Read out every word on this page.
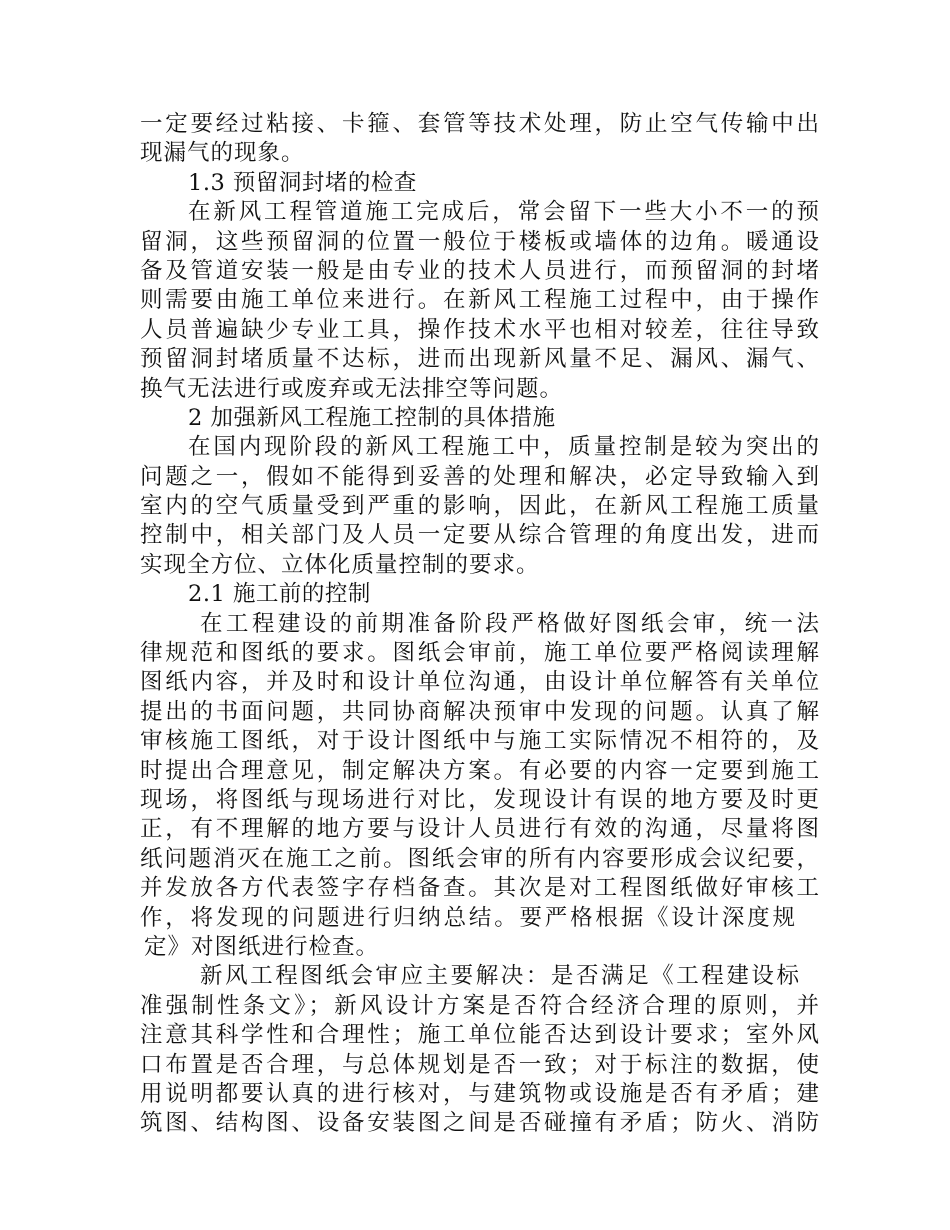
一定要经过粘接、卡箍、套管等技术处理，防止空气传输中出
现漏气的现象。
1.3 预留洞封堵的检查
在新风工程管道施工完成后，常会留下一些大小不一的预
留洞，这些预留洞的位置一般位于楼板或墙体的边角。暖通设
备及管道安装一般是由专业的技术人员进行，而预留洞的封堵
则需要由施工单位来进行。在新风工程施工过程中，由于操作
人员普遍缺少专业工具，操作技术水平也相对较差，往往导致
预留洞封堵质量不达标，进而出现新风量不足、漏风、漏气、
换气无法进行或废弃或无法排空等问题。
2 加强新风工程施工控制的具体措施
在国内现阶段的新风工程施工中，质量控制是较为突出的
问题之一，假如不能得到妥善的处理和解决，必定导致输入到
室内的空气质量受到严重的影响，因此，在新风工程施工质量
控制中，相关部门及人员一定要从综合管理的角度出发，进而
实现全方位、立体化质量控制的要求。
2.1 施工前的控制
在工程建设的前期准备阶段严格做好图纸会审，统一法
律规范和图纸的要求。图纸会审前，施工单位要严格阅读理解
图纸内容，并及时和设计单位沟通，由设计单位解答有关单位
提出的书面问题，共同协商解决预审中发现的问题。认真了解
审核施工图纸，对于设计图纸中与施工实际情况不相符的，及
时提出合理意见，制定解决方案。有必要的内容一定要到施工
现场，将图纸与现场进行对比，发现设计有误的地方要及时更
正，有不理解的地方要与设计人员进行有效的沟通，尽量将图
纸问题消灭在施工之前。图纸会审的所有内容要形成会议纪要，
并发放各方代表签字存档备查。其次是对工程图纸做好审核工
作，将发现的问题进行归纳总结。要严格根据《设计深度规
定》对图纸进行检查。
新风工程图纸会审应主要解决：是否满足《工程建设标
准强制性条文》；新风设计方案是否符合经济合理的原则，并
注意其科学性和合理性；施工单位能否达到设计要求；室外风
口布置是否合理，与总体规划是否一致；对于标注的数据，使
用说明都要认真的进行核对，与建筑物或设施是否有矛盾；建
筑图、结构图、设备安装图之间是否碰撞有矛盾；防火、消防
